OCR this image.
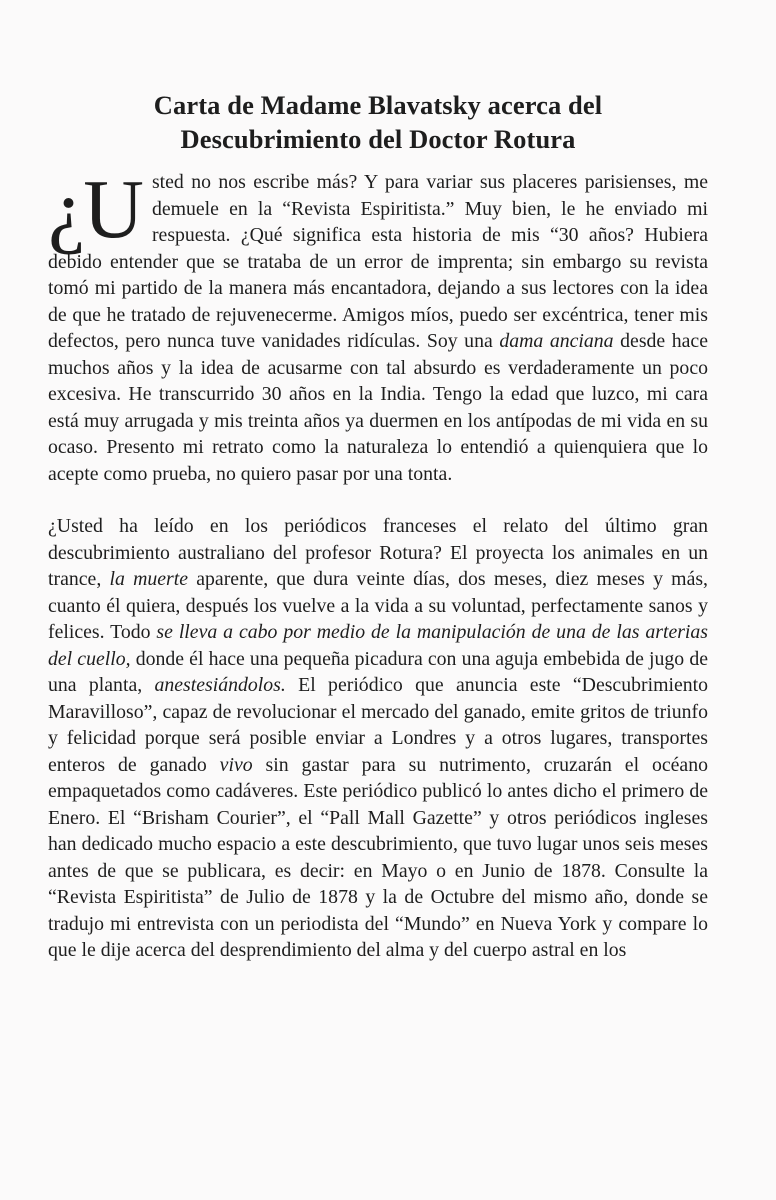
Carta de Madame Blavatsky acerca del
Descubrimiento del Doctor Rotura

¿U sted no nos escribe más? Y para variar sus placeres parisienses, me demuele en la “Revista Espiritista.” Muy bien, le he enviado mi respuesta. ¿Qué significa esta historia de mis “30 años? Hubiera debido entender que se trataba de un error de imprenta; sin embargo su revista tomó mi partido de la manera más encantadora, dejando a sus lectores con la idea de que he tratado de rejuvenecerme. Amigos míos, puedo ser excéntrica, tener mis defectos, pero nunca tuve vanidades ridículas. Soy una dama anciana desde hace muchos años y la idea de acusarme con tal absurdo es verdaderamente un poco excesiva. He transcurrido 30 años en la India. Tengo la edad que luzco, mi cara está muy arrugada y mis treinta años ya duermen en los antípodas de mi vida en su ocaso. Presento mi retrato como la naturaleza lo entendió a quienquiera que lo acepte como prueba, no quiero pasar por una tonta.

¿Usted ha leído en los periódicos franceses el relato del último gran descubrimiento australiano del profesor Rotura? El proyecta los animales en un trance, la muerte aparente, que dura veinte días, dos meses, diez meses y más, cuanto él quiera, después los vuelve a la vida a su voluntad, perfectamente sanos y felices. Todo se lleva a cabo por medio de la manipulación de una de las arterias del cuello, donde él hace una pequeña picadura con una aguja embebida de jugo de una planta, anestesiándolos. El periódico que anuncia este “Descubrimiento Maravilloso”, capaz de revolucionar el mercado del ganado, emite gritos de triunfo y felicidad porque será posible enviar a Londres y a otros lugares, transportes enteros de ganado vivo sin gastar para su nutrimento, cruzarán el océano empaquetados como cadáveres. Este periódico publicó lo antes dicho el primero de Enero. El “Brisham Courier”, el “Pall Mall Gazette” y otros periódicos ingleses han dedicado mucho espacio a este descubrimiento, que tuvo lugar unos seis meses antes de que se publicara, es decir: en Mayo o en Junio de 1878. Consulte la “Revista Espiritista” de Julio de 1878 y la de Octubre del mismo año, donde se tradujo mi entrevista con un periodista del “Mundo” en Nueva York y compare lo que le dije acerca del desprendimiento del alma y del cuerpo astral en los
